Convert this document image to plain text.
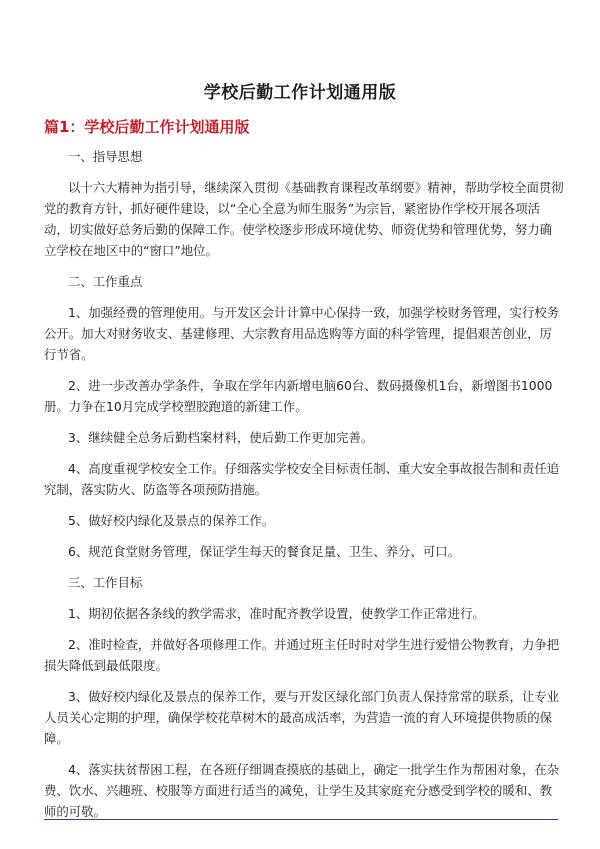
学校后勤工作计划通用版
篇1：学校后勤工作计划通用版

一、指导思想

以十六大精神为指引导，继续深入贯彻《基础教育课程改革纲要》精神，帮助学校全面贯彻党的教育方针，抓好硬件建设，以“全心全意为师生服务”为宗旨，紧密协作学校开展各项活动，切实做好总务后勤的保障工作。使学校逐步形成环境优势、师资优势和管理优势，努力确立学校在地区中的“窗口”地位。

二、工作重点

1、加强经费的管理使用。与开发区会计计算中心保持一致，加强学校财务管理，实行校务公开。加大对财务收支、基建修理、大宗教育用品选购等方面的科学管理，提倡艰苦创业，厉行节省。

2、进一步改善办学条件，争取在学年内新增电脑60台、数码摄像机1台，新增图书1000册。力争在10月完成学校塑胶跑道的新建工作。

3、继续健全总务后勤档案材料，使后勤工作更加完善。

4、高度重视学校安全工作。仔细落实学校安全目标责任制、重大安全事故报告制和责任追究制，落实防火、防盗等各项预防措施。

5、做好校内绿化及景点的保养工作。

6、规范食堂财务管理，保证学生每天的餐食足量、卫生、养分、可口。

三、工作目标

1、期初依据各条线的教学需求，准时配齐教学设置，使教学工作正常进行。

2、准时检查，并做好各项修理工作。并通过班主任时时对学生进行爱惜公物教育，力争把损失降低到最低限度。

3、做好校内绿化及景点的保养工作，要与开发区绿化部门负责人保持常常的联系，让专业人员关心定期的护理，确保学校花草树木的最高成活率，为营造一流的育人环境提供物质的保障。

4、落实扶贫帮困工程，在各班仔细调查摸底的基础上，确定一批学生作为帮困对象，在杂费、饮水、兴趣班、校服等方面进行适当的减免，让学生及其家庭充分感受到学校的暖和、教师的可敬。
